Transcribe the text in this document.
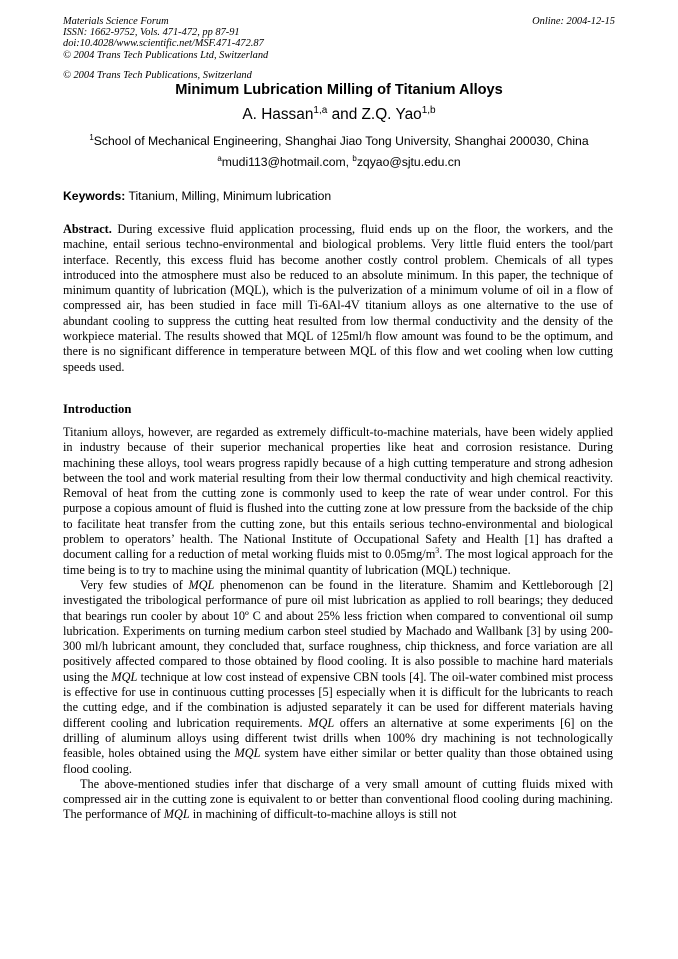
Materials Science Forum
ISSN: 1662-9752, Vols. 471-472, pp 87-91
doi:10.4028/www.scientific.net/MSF.471-472.87
© 2004 Trans Tech Publications Ltd, Switzerland
© 2004 Trans Tech Publications, Switzerland
Online: 2004-12-15
Minimum Lubrication Milling of Titanium Alloys
A. Hassan$^{1,a}$ and Z.Q. Yao$^{1,b}$
$^1$School of Mechanical Engineering, Shanghai Jiao Tong University, Shanghai 200030, China
$^a$mudi113@hotmail.com, $^b$zqyao@sjtu.edu.cn
Keywords: Titanium, Milling, Minimum lubrication

Abstract. During excessive fluid application processing, fluid ends up on the floor, the workers, and the machine, entail serious techno-environmental and biological problems. Very little fluid enters the tool/part interface. Recently, this excess fluid has become another costly control problem. Chemicals of all types introduced into the atmosphere must also be reduced to an absolute minimum. In this paper, the technique of minimum quantity of lubrication (MQL), which is the pulverization of a minimum volume of oil in a flow of compressed air, has been studied in face mill Ti-6Al-4V titanium alloys as one alternative to the use of abundant cooling to suppress the cutting heat resulted from low thermal conductivity and the density of the workpiece material. The results showed that MQL of 125ml/h flow amount was found to be the optimum, and there is no significant difference in temperature between MQL of this flow and wet cooling when low cutting speeds used.

Introduction

Titanium alloys, however, are regarded as extremely difficult-to-machine materials, have been widely applied in industry because of their superior mechanical properties like heat and corrosion resistance. During machining these alloys, tool wears progress rapidly because of a high cutting temperature and strong adhesion between the tool and work material resulting from their low thermal conductivity and high chemical reactivity. Removal of heat from the cutting zone is commonly used to keep the rate of wear under control. For this purpose a copious amount of fluid is flushed into the cutting zone at low pressure from the backside of the chip to facilitate heat transfer from the cutting zone, but this entails serious techno-environmental and biological problem to operators’ health. The National Institute of Occupational Safety and Health [1] has drafted a document calling for a reduction of metal working fluids mist to $0.05mg/m^3$. The most logical approach for the time being is to try to machine using the minimal quantity of lubrication (MQL) technique.

Very few studies of MQL phenomenon can be found in the literature. Shamim and Kettleborough [2] investigated the tribological performance of pure oil mist lubrication as applied to roll bearings; they deduced that bearings run cooler by about 10º C and about 25% less friction when compared to conventional oil sump lubrication. Experiments on turning medium carbon steel studied by Machado and Wallbank [3] by using 200-300 ml/h lubricant amount, they concluded that, surface roughness, chip thickness, and force variation are all positively affected compared to those obtained by flood cooling. It is also possible to machine hard materials using the MQL technique at low cost instead of expensive CBN tools [4]. The oil-water combined mist process is effective for use in continuous cutting processes [5] especially when it is difficult for the lubricants to reach the cutting edge, and if the combination is adjusted separately it can be used for different materials having different cooling and lubrication requirements. MQL offers an alternative at some experiments [6] on the drilling of aluminum alloys using different twist drills when 100% dry machining is not technologically feasible, holes obtained using the MQL system have either similar or better quality than those obtained using flood cooling.

The above-mentioned studies infer that discharge of a very small amount of cutting fluids mixed with compressed air in the cutting zone is equivalent to or better than conventional flood cooling during machining. The performance of MQL in machining of difficult-to-machine alloys is still not
